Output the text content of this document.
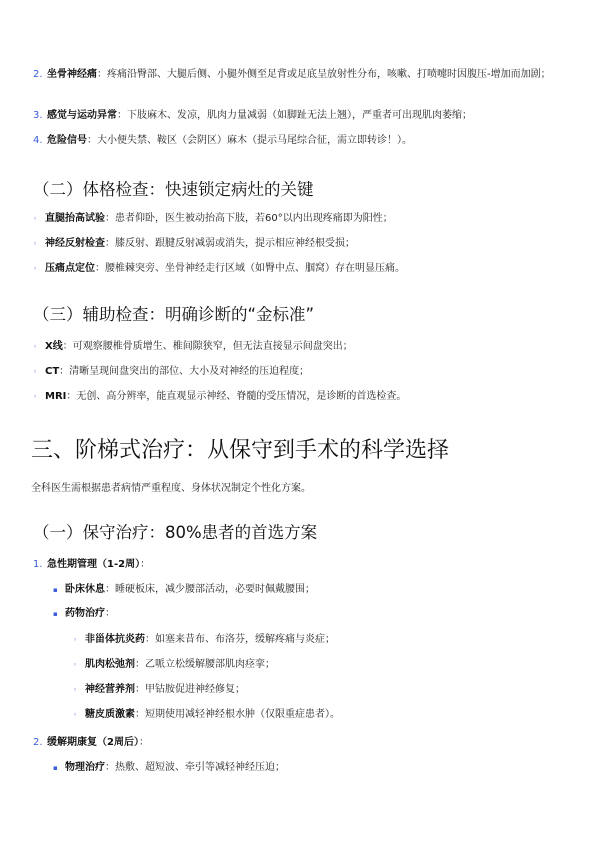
2. 坐骨神经痛：疼痛沿臀部、大腿后侧、小腿外侧至足背或足底呈放射性分布，咳嗽、打喷嚏时因腹压-增加而加剧；
3. 感觉与运动异常：下肢麻木、发凉，肌肉力量减弱（如脚趾无法上翘），严重者可出现肌肉萎缩；
4. 危险信号：大小便失禁、鞍区（会阴区）麻木（提示马尾综合征，需立即转诊！）。
（二）体格检查：快速锁定病灶的关键
◦ 直腿抬高试验：患者仰卧，医生被动抬高下肢，若60°以内出现疼痛即为阳性；
◦ 神经反射检查：膝反射、跟腱反射减弱或消失，提示相应神经根受损；
◦ 压痛点定位：腰椎棘突旁、坐骨神经走行区域（如臀中点、腘窝）存在明显压痛。
（三）辅助检查：明确诊断的“金标准”
◦ X线：可观察腰椎骨质增生、椎间隙狭窄，但无法直接显示间盘突出；
◦ CT：清晰呈现间盘突出的部位、大小及对神经的压迫程度；
◦ MRI：无创、高分辨率，能直观显示神经、脊髓的受压情况，是诊断的首选检查。
三、阶梯式治疗：从保守到手术的科学选择
全科医生需根据患者病情严重程度、身体状况制定个性化方案。
（一）保守治疗：80%患者的首选方案
1. 急性期管理（1-2周）：
▪ 卧床休息：睡硬板床，减少腰部活动，必要时佩戴腰围；
▪ 药物治疗：
◦ 非甾体抗炎药：如塞来昔布、布洛芬，缓解疼痛与炎症；
◦ 肌肉松弛剂：乙哌立松缓解腰部肌肉痉挛；
◦ 神经营养剂：甲钴胺促进神经修复；
◦ 糖皮质激素：短期使用减轻神经根水肿（仅限重症患者）。
2. 缓解期康复（2周后）：
▪ 物理治疗：热敷、超短波、牵引等减轻神经压迫；
